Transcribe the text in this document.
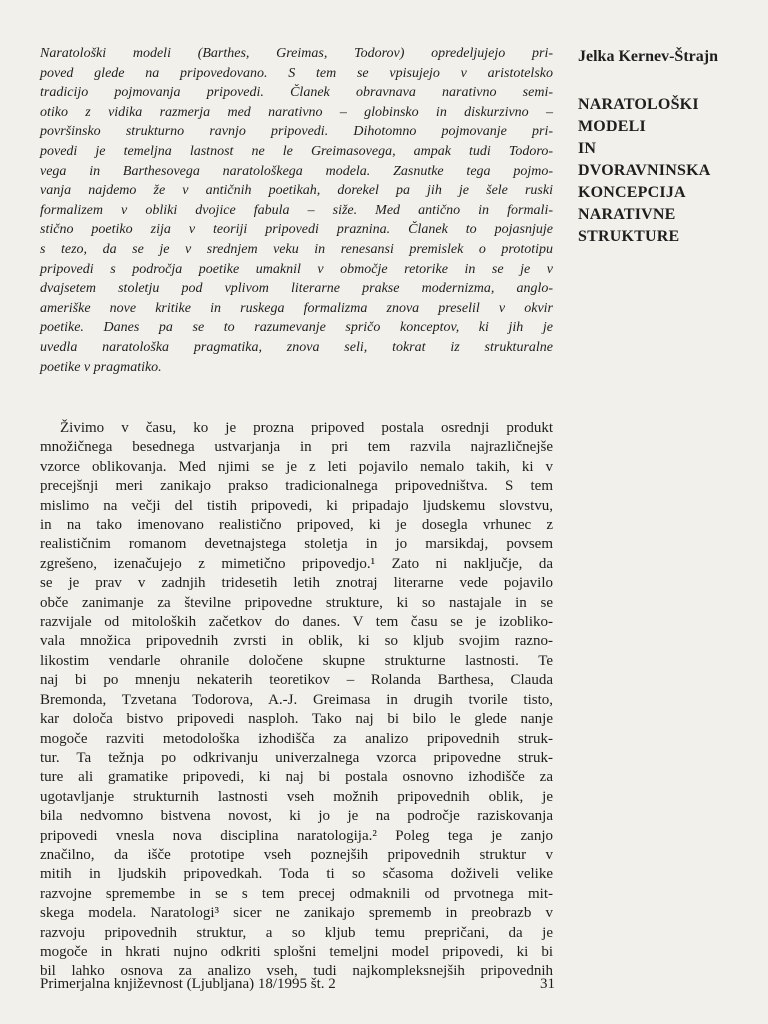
Naratološki modeli (Barthes, Greimas, Todorov) opredeljujejo pri-
poved glede na pripovedovano. S tem se vpisujejo v aristotelsko
tradicijo pojmovanja pripovedi. Članek obravnava narativno semi-
otiko z vidika razmerja med narativno – globinsko in diskurzivno –
površinsko strukturno ravnjo pripovedi. Dihotomno pojmovanje pri-
povedi je temeljna lastnost ne le Greimasovega, ampak tudi Todoro-
vega in Barthesovega naratološkega modela. Zasnutke tega pojmo-
vanja najdemo že v antičnih poetikah, dorekel pa jih je šele ruski
formalizem v obliki dvojice fabula – siže. Med antično in formali-
stično poetiko zija v teoriji pripovedi praznina. Članek to pojasnjuje
s tezo, da se je v srednjem veku in renesansi premislek o prototipu
pripovedi s področja poetike umaknil v območje retorike in se je v
dvajsetem stoletju pod vplivom literarne prakse modernizma, anglo-
ameriške nove kritike in ruskega formalizma znova preselil v okvir
poetike. Danes pa se to razumevanje spričo konceptov, ki jih je
uvedla naratološka pragmatika, znova seli, tokrat iz strukturalne
poetike v pragmatiko.
Jelka Kernev-Štrajn
NARATOLOŠKI
MODELI
IN
DVORAVNINSKA
KONCEPCIJA
NARATIVNE
STRUKTURE
Živimo v času, ko je prozna pripoved postala osrednji produkt
množičnega besednega ustvarjanja in pri tem razvila najrazličnejše
vzorce oblikovanja. Med njimi se je z leti pojavilo nemalo takih, ki v
precejšnji meri zanikajo prakso tradicionalnega pripovedništva. S tem
mislimo na večji del tistih pripovedi, ki pripadajo ljudskemu slovstvu,
in na tako imenovano realistično pripoved, ki je dosegla vrhunec z
realističnim romanom devetnajstega stoletja in jo marsikdaj, povsem
zgrešeno, izenačujejo z mimetično pripovedjo.¹ Zato ni naključje, da
se je prav v zadnjih tridesetih letih znotraj literarne vede pojavilo
obče zanimanje za številne pripovedne strukture, ki so nastajale in se
razvijale od mitoloških začetkov do danes. V tem času se je izobliko-
vala množica pripovednih zvrsti in oblik, ki so kljub svojim razno-
likostim vendarle ohranile določene skupne strukturne lastnosti. Te
naj bi po mnenju nekaterih teoretikov – Rolanda Barthesa, Clauda
Bremonda, Tzvetana Todorova, A.-J. Greimasa in drugih tvorile tisto,
kar določa bistvo pripovedi nasploh. Tako naj bi bilo le glede nanje
mogoče razviti metodološka izhodišča za analizo pripovednih struk-
tur. Ta težnja po odkrivanju univerzalnega vzorca pripovedne struk-
ture ali gramatike pripovedi, ki naj bi postala osnovno izhodišče za
ugotavljanje strukturnih lastnosti vseh možnih pripovednih oblik, je
bila nedvomno bistvena novost, ki jo je na področje raziskovanja
pripovedi vnesla nova disciplina naratologija.² Poleg tega je zanjo
značilno, da išče prototipe vseh poznejših pripovednih struktur v
mitih in ljudskih pripovedkah. Toda ti so sčasoma doživeli velike
razvojne spremembe in se s tem precej odmaknili od prvotnega mit-
skega modela. Naratologi³ sicer ne zanikajo sprememb in preobrazb v
razvoju pripovednih struktur, a so kljub temu prepričani, da je
mogoče in hkrati nujno odkriti splošni temeljni model pripovedi, ki bi
bil lahko osnova za analizo vseh, tudi najkompleksnejših pripovednih
Primerjalna književnost (Ljubljana) 18/1995 št. 2	31
